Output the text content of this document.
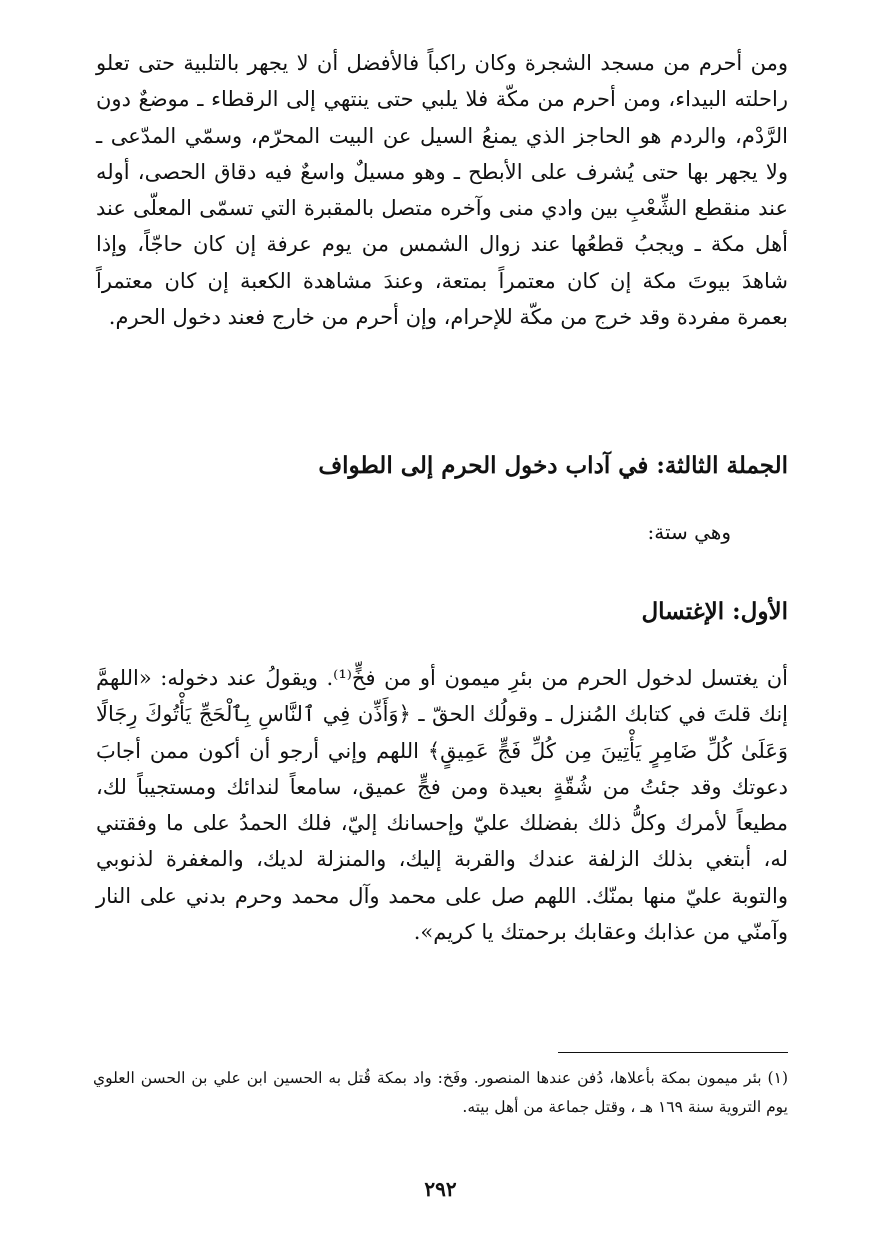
ومن أحرم من مسجد الشجرة وكان راكباً فالأفضل أن لا يجهر بالتلبية حتى تعلو راحلته البيداء، ومن أحرم من مكّة فلا يلبي حتى ينتهي إلى الرقطاء ـ موضعٌ دون الرَّدْم، والردم هو الحاجز الذي يمنعُ السيل عن البيت المحرّم، وسمّي المدّعى ـ ولا يجهر بها حتى يُشرف على الأبطح ـ وهو مسيلٌ واسعٌ فيه دقاق الحصى، أوله عند منقطع الشِّعْبِ بين وادي منى وآخره متصل بالمقبرة التي تسمّى المعلّى عند أهل مكة ـ ويجبُ قطعُها عند زوال الشمس من يوم عرفة إن كان حاجّاً، وإذا شاهدَ بيوتَ مكة إن كان معتمراً بمتعة، وعندَ مشاهدة الكعبة إن كان معتمراً بعمرة مفردة وقد خرج من مكّة للإحرام، وإن أحرم من خارج فعند دخول الحرم.

الجملة الثالثة: في آداب دخول الحرم إلى الطواف

وهي ستة:

الأول: الإغتسال

أن يغتسل لدخول الحرم من بئرِ ميمون أو من فخٍّ⁽¹⁾. ويقولُ عند دخوله: «اللهمَّ إنك قلتَ في كتابك المُنزل ـ وقولُك الحقّ ـ ﴿وَأَذِّن فِي ٱلنَّاسِ بِٱلْحَجِّ يَأْتُوكَ رِجَالًا وَعَلَىٰ كُلِّ ضَامِرٍ يَأْتِينَ مِن كُلِّ فَجٍّ عَمِيقٍ﴾ اللهم وإني أرجو أن أكون ممن أجابَ دعوتك وقد جئتُ من شُقّةٍ بعيدة ومن فجٍّ عميق، سامعاً لندائك ومستجيباً لك، مطيعاً لأمرك وكلُّ ذلك بفضلك عليّ وإحسانك إليّ، فلك الحمدُ على ما وفقتني له، أبتغي بذلك الزلفة عندك والقربة إليك، والمنزلة لديك، والمغفرة لذنوبي والتوبة عليّ منها بمنّك. اللهم صل على محمد وآل محمد وحرم بدني على النار وآمنّي من عذابك وعقابك برحمتك يا كريم».

(١) بئر ميمون بمكة بأعلاها، دُفن عندها المنصور. وفَخ: واد بمكة قُتل به الحسين ابن علي بن الحسن العلوي يوم التروية سنة ١٦٩ هـ ، وقتل جماعة من أهل بيته.

٢٩٢
